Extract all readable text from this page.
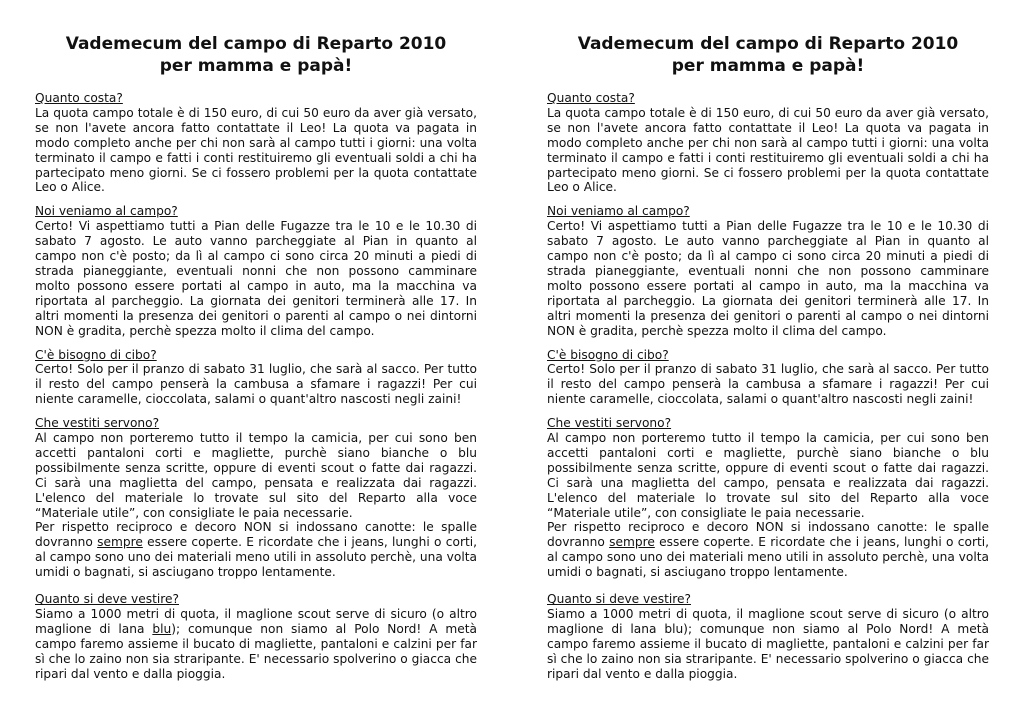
Vademecum del campo di Reparto 2010
per mamma e papà!

Quanto costa?

La quota campo totale è di 150 euro, di cui 50 euro da aver già versato, se non l'avete ancora fatto contattate il Leo! La quota va pagata in modo completo anche per chi non sarà al campo tutti i giorni: una volta terminato il campo e fatti i conti restituiremo gli eventuali soldi a chi ha partecipato meno giorni. Se ci fossero problemi per la quota contattate Leo o Alice.

Noi veniamo al campo?

Certo! Vi aspettiamo tutti a Pian delle Fugazze tra le 10 e le 10.30 di sabato 7 agosto. Le auto vanno parcheggiate al Pian in quanto al campo non c'è posto; da lì al campo ci sono circa 20 minuti a piedi di strada pianeggiante, eventuali nonni che non possono camminare molto possono essere portati al campo in auto, ma la macchina va riportata al parcheggio. La giornata dei genitori terminerà alle 17. In altri momenti la presenza dei genitori o parenti al campo o nei dintorni NON è gradita, perchè spezza molto il clima del campo.

C'è bisogno di cibo?

Certo! Solo per il pranzo di sabato 31 luglio, che sarà al sacco. Per tutto il resto del campo penserà la cambusa a sfamare i ragazzi! Per cui niente caramelle, cioccolata, salami o quant'altro nascosti negli zaini!

Che vestiti servono?

Al campo non porteremo tutto il tempo la camicia, per cui sono ben accetti pantaloni corti e magliette, purchè siano bianche o blu possibilmente senza scritte, oppure di eventi scout o fatte dai ragazzi. Ci sarà una maglietta del campo, pensata e realizzata dai ragazzi. L'elenco del materiale lo trovate sul sito del Reparto alla voce “Materiale utile”, con consigliate le paia necessarie.

Per rispetto reciproco e decoro NON si indossano canotte: le spalle dovranno sempre essere coperte. E ricordate che i jeans, lunghi o corti, al campo sono uno dei materiali meno utili in assoluto perchè, una volta umidi o bagnati, si asciugano troppo lentamente.

Quanto si deve vestire?

Siamo a 1000 metri di quota, il maglione scout serve di sicuro (o altro maglione di lana blu); comunque non siamo al Polo Nord! A metà campo faremo assieme il bucato di magliette, pantaloni e calzini per far sì che lo zaino non sia straripante. E' necessario spolverino o giacca che ripari dal vento e dalla pioggia.

Vademecum del campo di Reparto 2010
per mamma e papà!

Quanto costa?

La quota campo totale è di 150 euro, di cui 50 euro da aver già versato, se non l'avete ancora fatto contattate il Leo! La quota va pagata in modo completo anche per chi non sarà al campo tutti i giorni: una volta terminato il campo e fatti i conti restituiremo gli eventuali soldi a chi ha partecipato meno giorni. Se ci fossero problemi per la quota contattate Leo o Alice.

Noi veniamo al campo?

Certo! Vi aspettiamo tutti a Pian delle Fugazze tra le 10 e le 10.30 di sabato 7 agosto. Le auto vanno parcheggiate al Pian in quanto al campo non c'è posto; da lì al campo ci sono circa 20 minuti a piedi di strada pianeggiante, eventuali nonni che non possono camminare molto possono essere portati al campo in auto, ma la macchina va riportata al parcheggio. La giornata dei genitori terminerà alle 17. In altri momenti la presenza dei genitori o parenti al campo o nei dintorni NON è gradita, perchè spezza molto il clima del campo.

C'è bisogno di cibo?

Certo! Solo per il pranzo di sabato 31 luglio, che sarà al sacco. Per tutto il resto del campo penserà la cambusa a sfamare i ragazzi! Per cui niente caramelle, cioccolata, salami o quant'altro nascosti negli zaini!

Che vestiti servono?

Al campo non porteremo tutto il tempo la camicia, per cui sono ben accetti pantaloni corti e magliette, purchè siano bianche o blu possibilmente senza scritte, oppure di eventi scout o fatte dai ragazzi. Ci sarà una maglietta del campo, pensata e realizzata dai ragazzi. L'elenco del materiale lo trovate sul sito del Reparto alla voce “Materiale utile”, con consigliate le paia necessarie.

Per rispetto reciproco e decoro NON si indossano canotte: le spalle dovranno sempre essere coperte. E ricordate che i jeans, lunghi o corti, al campo sono uno dei materiali meno utili in assoluto perchè, una volta umidi o bagnati, si asciugano troppo lentamente.

Quanto si deve vestire?

Siamo a 1000 metri di quota, il maglione scout serve di sicuro (o altro maglione di lana blu); comunque non siamo al Polo Nord! A metà campo faremo assieme il bucato di magliette, pantaloni e calzini per far sì che lo zaino non sia straripante. E' necessario spolverino o giacca che ripari dal vento e dalla pioggia.
